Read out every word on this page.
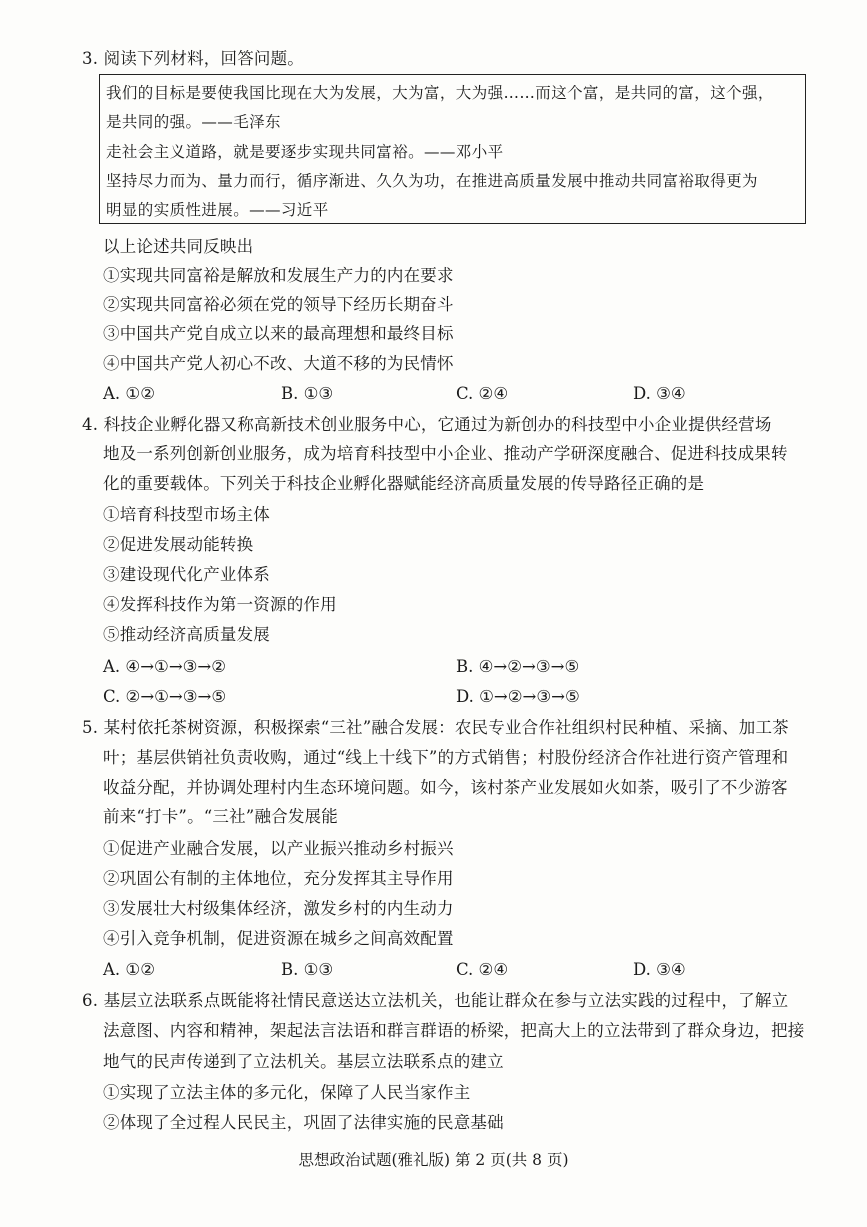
3. 阅读下列材料，回答问题。
我们的目标是要使我国比现在大为发展，大为富，大为强……而这个富，是共同的富，这个强，
是共同的强。——毛泽东
走社会主义道路，就是要逐步实现共同富裕。——邓小平
坚持尽力而为、量力而行，循序渐进、久久为功，在推进高质量发展中推动共同富裕取得更为
明显的实质性进展。——习近平
以上论述共同反映出
①实现共同富裕是解放和发展生产力的内在要求
②实现共同富裕必须在党的领导下经历长期奋斗
③中国共产党自成立以来的最高理想和最终目标
④中国共产党人初心不改、大道不移的为民情怀
A. ①②	B. ①③	C. ②④	D. ③④
4. 科技企业孵化器又称高新技术创业服务中心，它通过为新创办的科技型中小企业提供经营场
地及一系列创新创业服务，成为培育科技型中小企业、推动产学研深度融合、促进科技成果转
化的重要载体。下列关于科技企业孵化器赋能经济高质量发展的传导路径正确的是
①培育科技型市场主体
②促进发展动能转换
③建设现代化产业体系
④发挥科技作为第一资源的作用
⑤推动经济高质量发展
A. ④→①→③→②	B. ④→②→③→⑤
C. ②→①→③→⑤	D. ①→②→③→⑤
5. 某村依托茶树资源，积极探索“三社”融合发展：农民专业合作社组织村民种植、采摘、加工茶
叶；基层供销社负责收购，通过“线上十线下”的方式销售；村股份经济合作社进行资产管理和
收益分配，并协调处理村内生态环境问题。如今，该村茶产业发展如火如荼，吸引了不少游客
前来“打卡”。“三社”融合发展能
①促进产业融合发展，以产业振兴推动乡村振兴
②巩固公有制的主体地位，充分发挥其主导作用
③发展壮大村级集体经济，激发乡村的内生动力
④引入竞争机制，促进资源在城乡之间高效配置
A. ①②	B. ①③	C. ②④	D. ③④
6. 基层立法联系点既能将社情民意送达立法机关，也能让群众在参与立法实践的过程中，了解立
法意图、内容和精神，架起法言法语和群言群语的桥梁，把高大上的立法带到了群众身边，把接
地气的民声传递到了立法机关。基层立法联系点的建立
①实现了立法主体的多元化，保障了人民当家作主
②体现了全过程人民民主，巩固了法律实施的民意基础
思想政治试题(雅礼版) 第 2 页(共 8 页)
